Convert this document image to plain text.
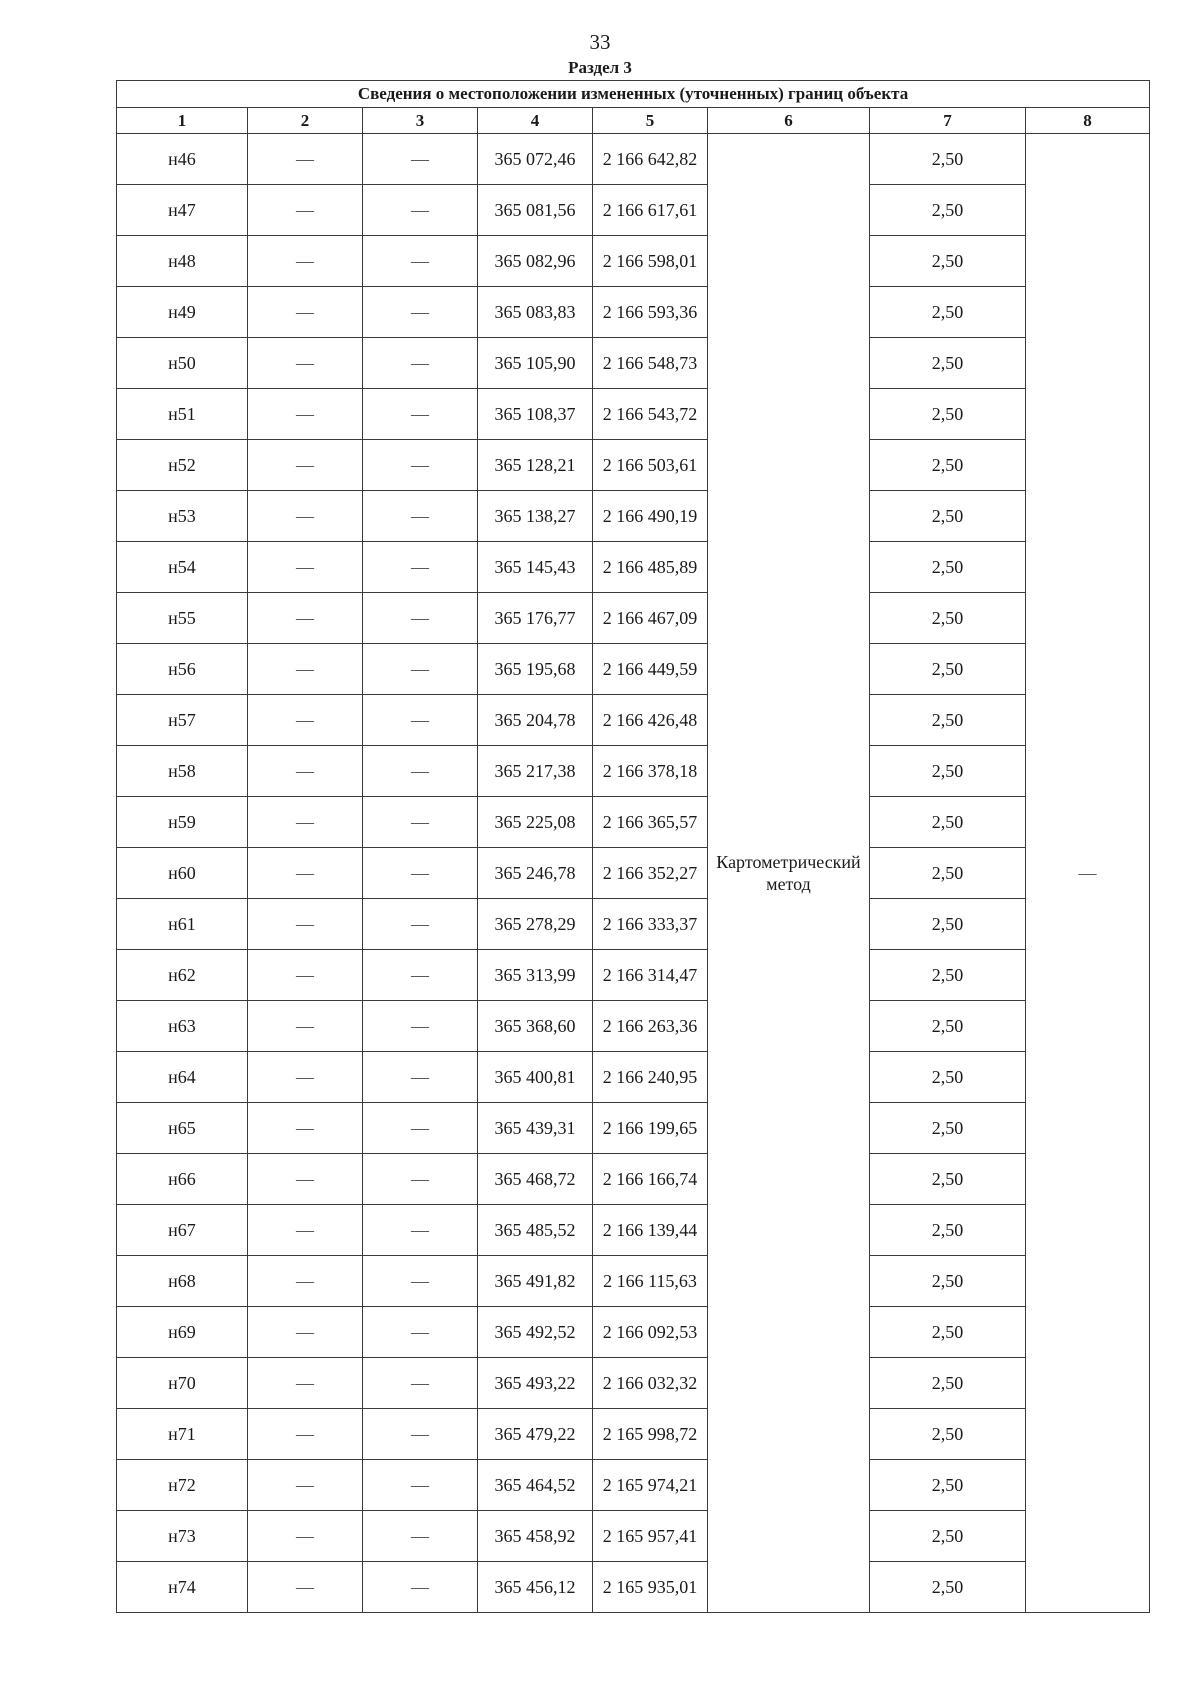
33
Раздел 3
Сведения о местоположении измененных (уточненных) границ объекта							
1	2	3	4	5	6	7	8
н46	—	—	365 072,46	2 166 642,82	Картометрический метод	2,50	—
н47	—	—	365 081,56	2 166 617,61		2,50	
н48	—	—	365 082,96	2 166 598,01		2,50	
н49	—	—	365 083,83	2 166 593,36		2,50	
н50	—	—	365 105,90	2 166 548,73		2,50	
н51	—	—	365 108,37	2 166 543,72		2,50	
н52	—	—	365 128,21	2 166 503,61		2,50	
н53	—	—	365 138,27	2 166 490,19		2,50	
н54	—	—	365 145,43	2 166 485,89		2,50	
н55	—	—	365 176,77	2 166 467,09		2,50	
н56	—	—	365 195,68	2 166 449,59		2,50	
н57	—	—	365 204,78	2 166 426,48		2,50	
н58	—	—	365 217,38	2 166 378,18		2,50	
н59	—	—	365 225,08	2 166 365,57		2,50	
н60	—	—	365 246,78	2 166 352,27		2,50	
н61	—	—	365 278,29	2 166 333,37		2,50	
н62	—	—	365 313,99	2 166 314,47		2,50	
н63	—	—	365 368,60	2 166 263,36		2,50	
н64	—	—	365 400,81	2 166 240,95		2,50	
н65	—	—	365 439,31	2 166 199,65		2,50	
н66	—	—	365 468,72	2 166 166,74		2,50	
н67	—	—	365 485,52	2 166 139,44		2,50	
н68	—	—	365 491,82	2 166 115,63		2,50	
н69	—	—	365 492,52	2 166 092,53		2,50	
н70	—	—	365 493,22	2 166 032,32		2,50	
н71	—	—	365 479,22	2 165 998,72		2,50	
н72	—	—	365 464,52	2 165 974,21		2,50	
н73	—	—	365 458,92	2 165 957,41		2,50	
н74	—	—	365 456,12	2 165 935,01		2,50	
